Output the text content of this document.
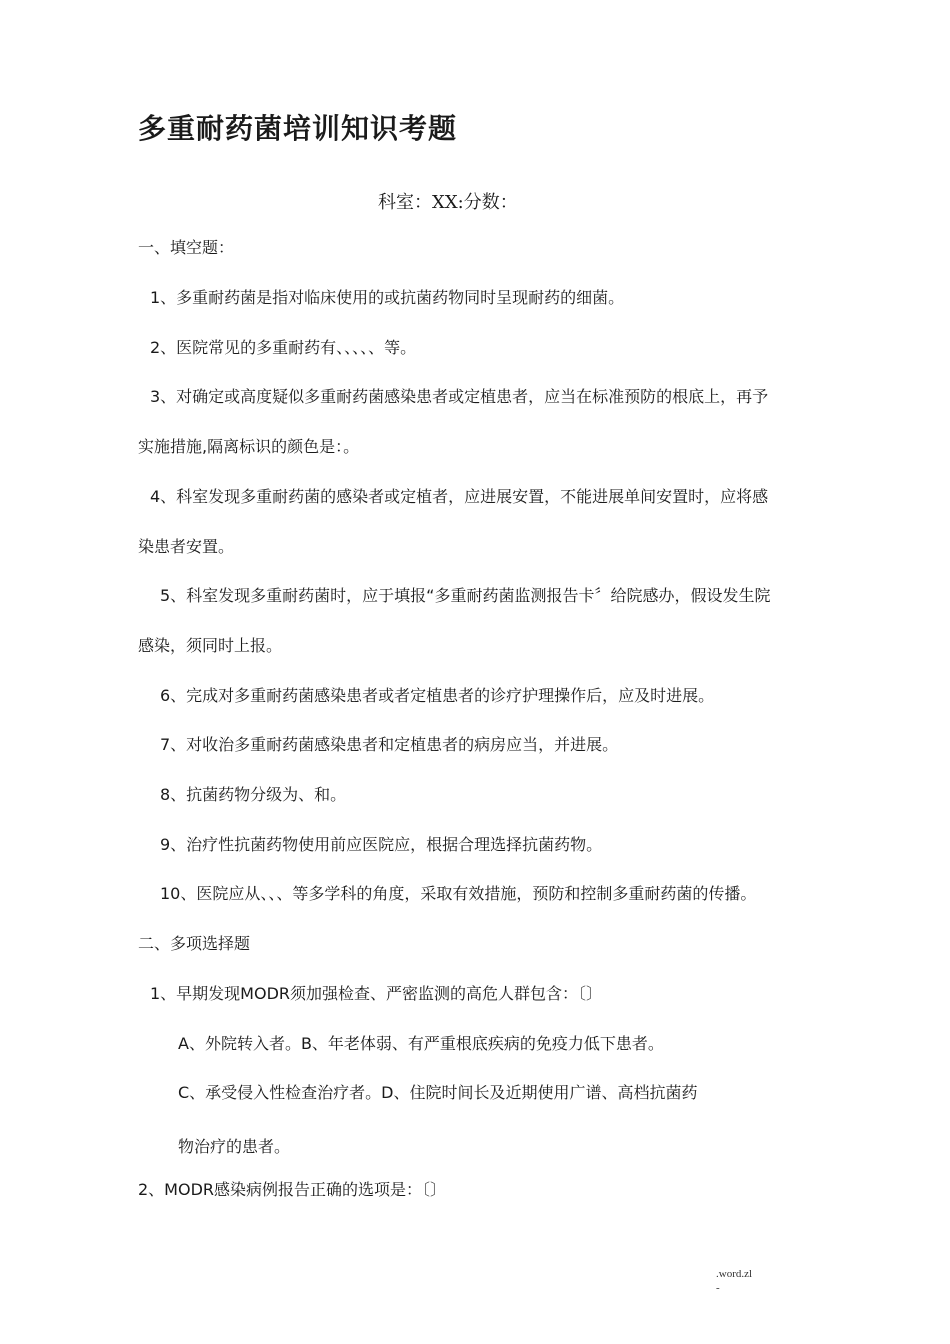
多重耐药菌培训知识考题
科室：XX:分数：
一、填空题：
1、多重耐药菌是指对临床使用的或抗菌药物同时呈现耐药的细菌。
2、医院常见的多重耐药有、、、、、等。
3、对确定或高度疑似多重耐药菌感染患者或定植患者，应当在标准预防的根底上，再予
实施措施,隔离标识的颜色是：。
4、科室发现多重耐药菌的感染者或定植者，应进展安置，不能进展单间安置时，应将感
染患者安置。
5、科室发现多重耐药菌时，应于填报“多重耐药菌监测报告卡〞给院感办，假设发生院
感染，须同时上报。
6、完成对多重耐药菌感染患者或者定植患者的诊疗护理操作后，应及时进展。
7、对收治多重耐药菌感染患者和定植患者的病房应当，并进展。
8、抗菌药物分级为、和。
9、治疗性抗菌药物使用前应医院应，根据合理选择抗菌药物。
10、医院应从、、、等多学科的角度，采取有效措施，预防和控制多重耐药菌的传播。
二、多项选择题
1、早期发现MODR须加强检查、严密监测的高危人群包含：〔〕
A、外院转入者。B、年老体弱、有严重根底疾病的免疫力低下患者。
C、承受侵入性检查治疗者。D、住院时间长及近期使用广谱、高档抗菌药
物治疗的患者。
2、MODR感染病例报告正确的选项是：〔〕
.word.zl
-
